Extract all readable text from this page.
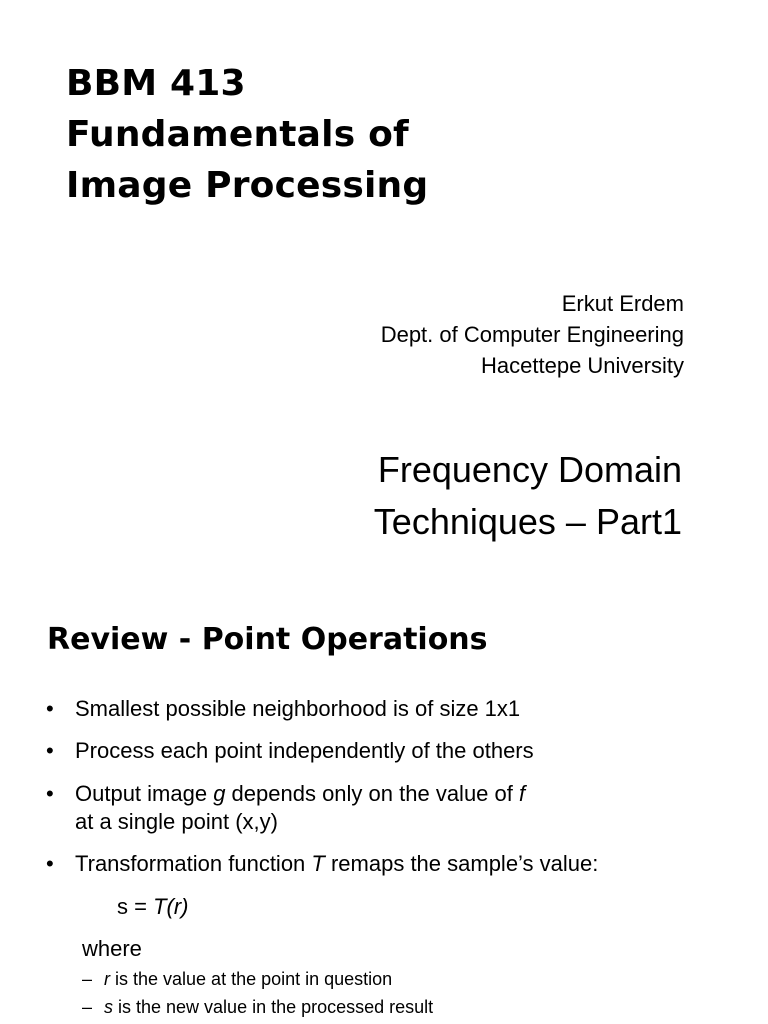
BBM 413
Fundamentals of
Image Processing
Erkut Erdem
Dept. of Computer Engineering
Hacettepe University
Frequency Domain
Techniques – Part1
Review - Point Operations
• Smallest possible neighborhood is of size 1x1
• Process each point independently of the others
• Output image g depends only on the value of f
at a single point (x,y)
• Transformation function T remaps the sample’s value:
s = T(r)
where
– r is the value at the point in question
– s is the new value in the processed result
